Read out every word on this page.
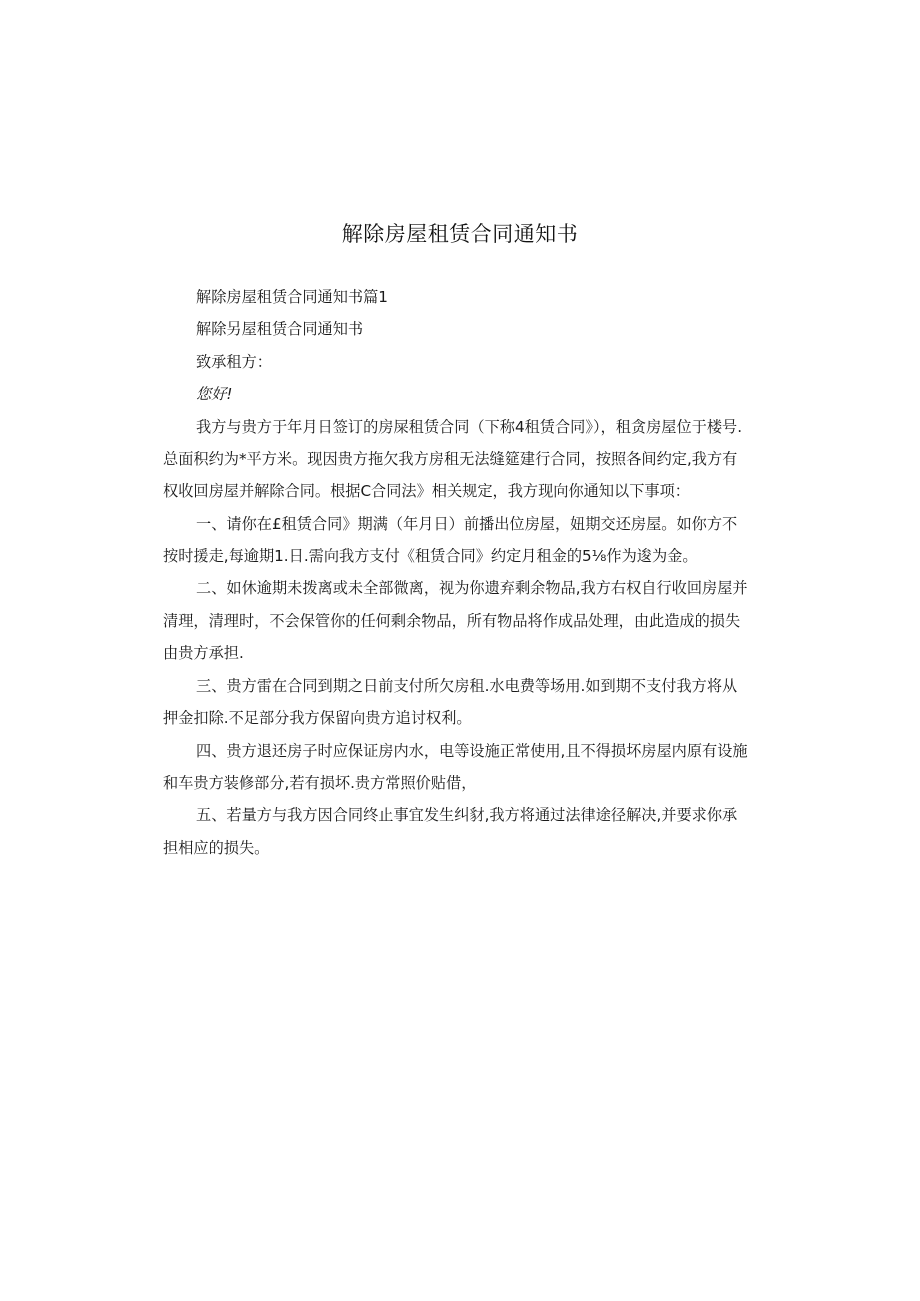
解除房屋租赁合同通知书
解除房屋租赁合同通知书篇1
解除另屋租赁合同通知书
致承租方：
您好!
我方与贵方于年月日签订的房屎租赁合同（下称4租赁合同》），租贪房屋位于楼号.
总面积约为*平方米。现因贵方拖欠我方房租无法缝筵建行合同，按照各间约定,我方有
权收回房屋并解除合同。根据C合同法》相关规定，我方现向你通知以下事项：
一、请你在£租赁合同》期满（年月日）前播出位房屋，妞期交还房屋。如你方不
按时援走,每逾期1.日.需向我方支付《租赁合同》约定月租金的5⅛作为逡为金。
二、如休逾期未拨离或未全部微离，视为你遗弃剩余物品,我方右权自行收回房屋并
清理，清理时，不会保管你的任何剩余物品，所有物品将作成品处理，由此造成的损失
由贵方承担.
三、贵方雷在合同到期之日前支付所欠房租.水电费等场用.如到期不支付我方将从
押金扣除.不足部分我方保留向贵方追讨权利。
四、贵方退还房子时应保证房内水，电等设施正常使用,且不得损坏房屋内原有设施
和车贵方装修部分,若有损坏.贵方常照价贴借，
五、若量方与我方因合同终止事宜发生纠豺,我方将通过法律途径解决,并要求你承
担相应的损失。
